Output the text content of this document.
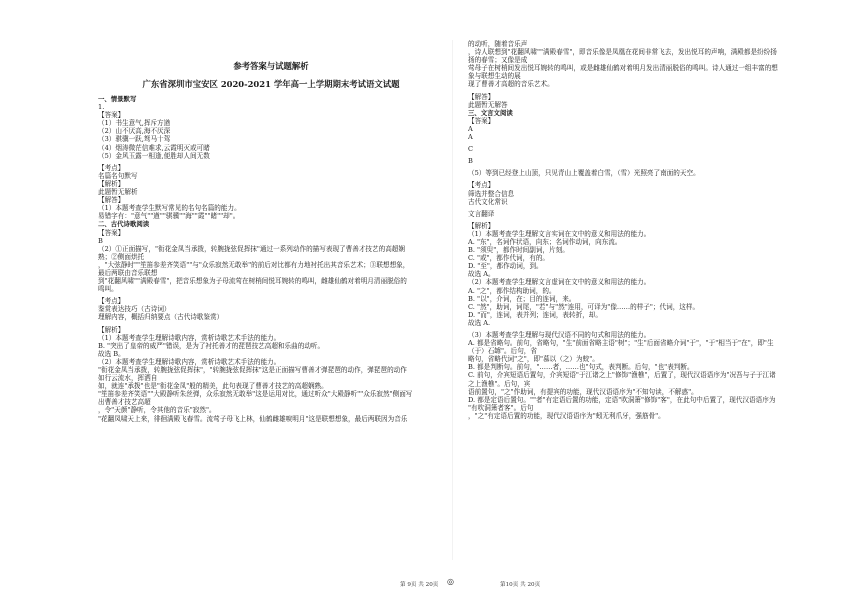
参考答案与试题解析
广东省深圳市宝安区 2020-2021 学年高一上学期期末考试语文试题
一、情景默写
1.
【答案】
（1）书生意气,挥斥方遒
（2）山不厌高,海不厌深
（3）骐骥一跃,驽马十驾
（4）烟涛微茫信难求,云霞明灭或可睹
（5）金风玉露一相逢,便胜却人间无数
【考点】
名篇名句默写
【解析】
此题暂无解析
【解答】
（1）本题考查学生默写常见的名句名篇的能力。
易错字有："意气""遒""骐骥""海""霞""睹""却"。
二、古代诗歌阅读
【答案】
B
（2）①正面描写，"衔花金凤当承拨，转腕拢弦促挥抹"通过一系列动作的描写表现了曹善才技艺的高超娴
熟；②侧面烘托
，"大弦静时""笙笛参差齐笑语""与"众乐寂然无敢举"的前后对比都有力地衬托出其音乐艺术；③联想想象，
最后两联由音乐联想
到"花翻风啸""满殿春雪"，把音乐想象为子母流莺在树梢间悦耳婉转的鸣叫，雌雄仙鹤对着明月清丽脱俗的
鸣叫。
【考点】
鉴赏表达技巧（古诗词）
理解内容，概括归纳要点（古代诗歌鉴赏）
【解析】
（1）本题考查学生理解诗歌内容，赏析诗歌艺术手法的能力。
B. "突出了皇帝的威严"错误，是为了衬托善才的琵琶技艺高超和乐曲的动听。
故选 B。
（2）本题考查学生理解诗歌内容，赏析诗歌艺术手法的能力。
"衔花金凤当承拨，转腕拢弦促挥抹"，"转腕拢弦促挥抹"这是正面描写曹善才弹琵琶的动作，弹琵琶的动作
如行云流水，挥洒自
如，就连"承拨"也是"衔花金凤"般的精美，此句表现了曹善才技艺的高超娴熟。
"笙笛参差齐笑语""大殿静听朱丝弹，众乐寂然无敢举"这是运用对比，通过听众"大殿静听""众乐寂然"侧面写
出曹善才技艺高超
，令"天颜"静听，令其他的音乐"寂然"。
"花翻凤啸天上来，徘徊满殿飞春雪。流莺子母飞上林，仙鹤雌雄唳明月"这是联想想象，最后两联因为音乐
的动听，随着音乐声
，诗人联想到"花翻风啸""满殿春雪"，即音乐像是凤凰在花间非常飞去，发出悦耳的声响，满殿都是纷纷扬
扬的春雪；又像是成
莺母子在树梢间发出悦耳婉转的鸣叫，或是雌雄仙鹤对着明月发出清丽脱俗的鸣叫。诗人通过一组丰富的想
象与联想生动的展
现了曹善才高超的音乐艺术。
【解答】
此题暂无解答
三、文言文阅读
【答案】
A
A
C
B
（5）等到已经登上山顶，只见青山上覆盖着白雪，（雪）光照亮了南面的天空。
【考点】
筛选并整合信息
古代文化常识
文言翻译
【解析】
（1）本题考查学生理解文言实词在文中的意义和用法的能力。
A. "东"，名词作状语，向东；名词作动词，向东流。
B. "须臾"，都作时间副词，片刻。
C. "或"，都作代词，有的。
D. "至"，都作动词，到。
故选 A。
（2）本题考查学生理解文言虚词在文中的意义和用法的能力。
A. "之"，都作结构助词，的。
B. "以"，介词，在；目的连词，来。
C. "然"，助词，词尾，"若"与"然"连用，可译为"像……的样子"；代词，这样。
D. "而"，连词，表并列；连词，表转折，却。
故选 A.
（3）本题考查学生理解与现代汉语不同的句式和用法的能力。
A. 都是省略句。前句，省略句，"生"前面省略主语"树"；"生"后面省略介词"于"，"于"相当于"在"，即"生
（于）石罅"。后句，省
略句，省略代词"之"，即"慕以（之）为蛟"。
B. 都是判断句。前句，"……者，……也"句式，表判断。后句，"也"表判断。
C. 前句，介宾短语后置句，介宾短语"于江诸之上"修饰"渔樵"，后置了，现代汉语语序为"况吾与子于江诸
之上渔樵"。后句，宾
语前置句，"之"作助词，有提宾的功能，现代汉语语序为"不知句读，不解惑"。
D. 都是定语后置句。""者"有定语后置的功能，定语"吹洞箫"修饰"客"，在此句中后置了，现代汉语语序为
"有吹洞箫者客"。后句
，"之"有定语后置的功能，现代汉语语序为"蚓无利爪牙，强筋骨"。
第 9页 共 20页 ◎	第10页 共 20页
